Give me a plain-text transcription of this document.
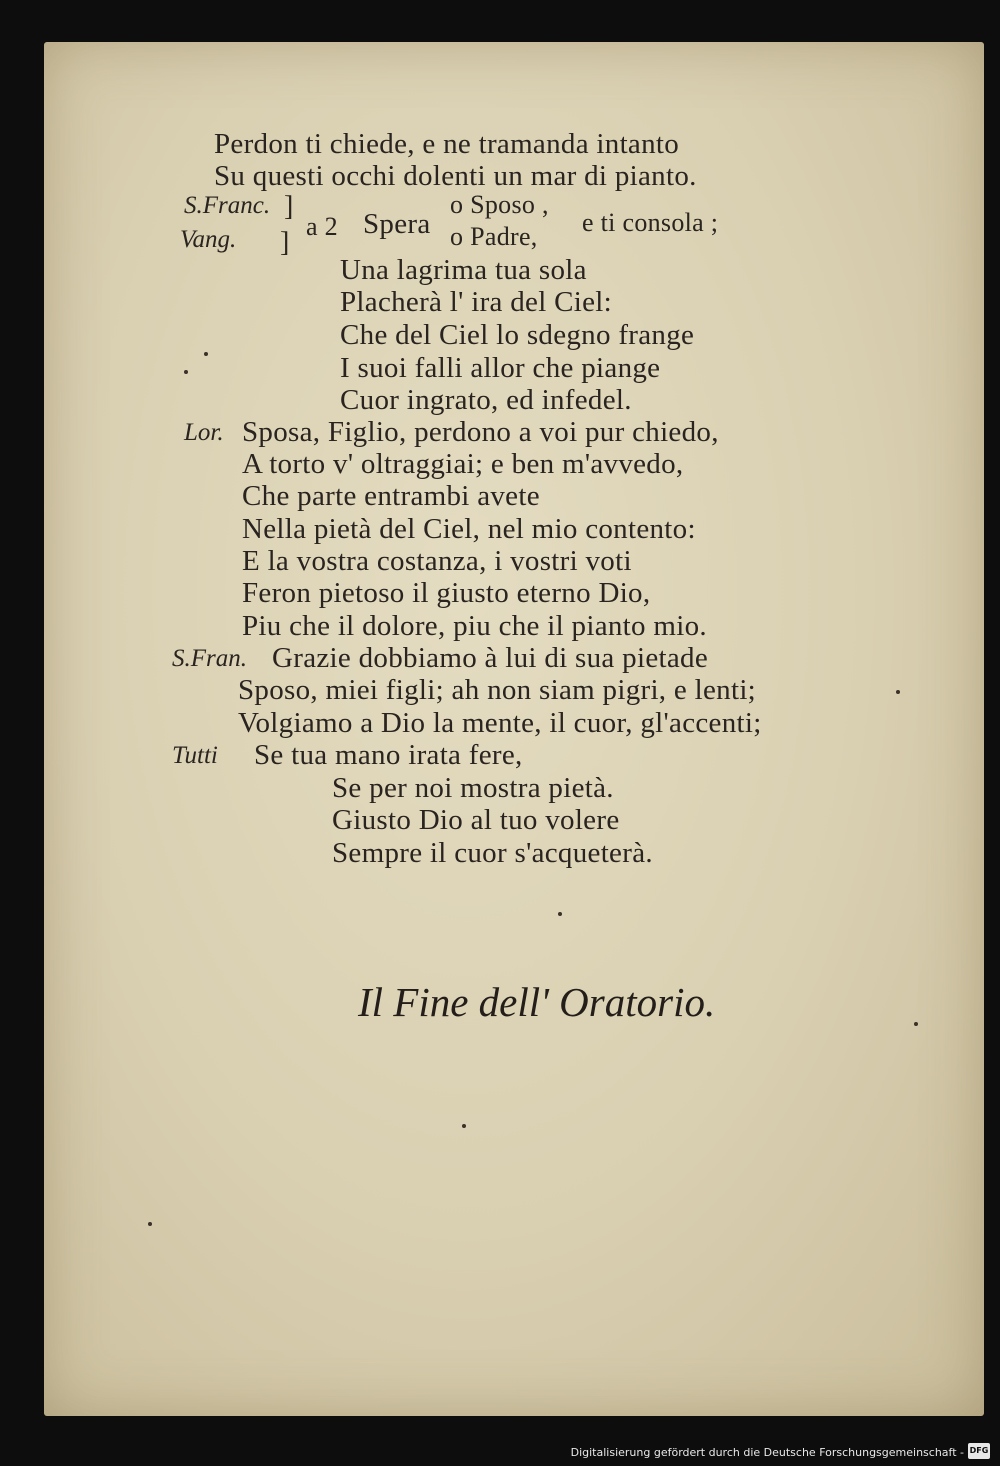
Perdon ti chiede, e ne tramanda intanto
Su questi occhi dolenti un mar di pianto.
S.Franc. ]
Vang. ]
a 2 Spera
o Sposo ,
o Padre, e ti consola ;
Una lagrima tua sola
Placherà l' ira del Ciel:
Che del Ciel lo sdegno frange
I suoi falli allor che piange
Cuor ingrato, ed infedel.
Lor. Sposa, Figlio, perdono a voi pur chiedo,
A torto v' oltraggiai; e ben m'avvedo,
Che parte entrambi avete
Nella pietà del Ciel, nel mio contento:
E la vostra costanza, i vostri voti
Feron pietoso il giusto eterno Dio,
Piu che il dolore, piu che il pianto mio.
S.Fran. Grazie dobbiamo à lui di sua pietade
Sposo, miei figli; ah non siam pigri, e lenti;
Volgiamo a Dio la mente, il cuor, gl'accenti;
Tutti Se tua mano irata fere,
Se per noi mostra pietà.
Giusto Dio al tuo volere
Sempre il cuor s'acqueterà.
Il Fine dell' Oratorio.
Digitalisierung gefördert durch die Deutsche Forschungsgemeinschaft - DFG
